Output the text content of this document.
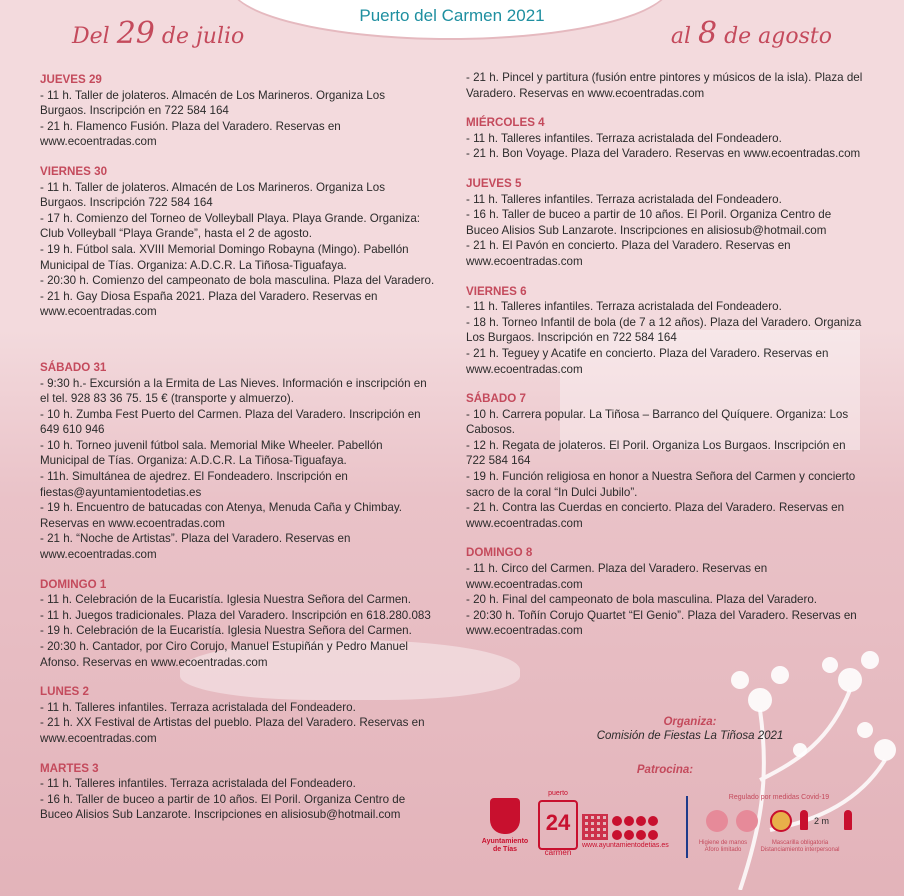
Puerto del Carmen 2021
Del 29 de julio	al 8 de agosto
JUEVES 29
- 11 h. Taller de jolateros. Almacén de Los Marineros. Organiza Los
Burgaos. Inscripción en 722 584 164
- 21 h. Flamenco Fusión. Plaza del Varadero. Reservas en
www.ecoentradas.com
VIERNES 30
- 11 h. Taller de jolateros. Almacén de Los Marineros. Organiza Los
Burgaos. Inscripción 722 584 164
- 17 h. Comienzo del Torneo de Volleyball Playa. Playa Grande. Organiza:
Club Volleyball “Playa Grande”, hasta el 2 de agosto.
- 19 h. Fútbol sala. XVIII Memorial Domingo Robayna (Mingo). Pabellón
Municipal de Tías. Organiza: A.D.C.R. La Tiñosa-Tiguafaya.
- 20:30 h. Comienzo del campeonato de bola masculina. Plaza del Varadero.
- 21 h. Gay Diosa España 2021. Plaza del Varadero. Reservas en
www.ecoentradas.com
SÁBADO 31
- 9:30 h.- Excursión a la Ermita de Las Nieves. Información e inscripción en
el tel. 928 83 36 75. 15 € (transporte y almuerzo).
- 10 h. Zumba Fest Puerto del Carmen. Plaza del Varadero. Inscripción en
649 610 946
- 10 h. Torneo juvenil fútbol sala. Memorial Mike Wheeler. Pabellón
Municipal de Tías. Organiza: A.D.C.R. La Tiñosa-Tiguafaya.
- 11h. Simultánea de ajedrez. El Fondeadero. Inscripción en
fiestas@ayuntamientodetias.es
- 19 h. Encuentro de batucadas con Atenya, Menuda Caña y Chimbay.
Reservas en www.ecoentradas.com
- 21 h. “Noche de Artistas”. Plaza del Varadero. Reservas en
www.ecoentradas.com
DOMINGO 1
- 11 h. Celebración de la Eucaristía. Iglesia Nuestra Señora del Carmen.
- 11 h. Juegos tradicionales. Plaza del Varadero. Inscripción en 618.280.083
- 19 h. Celebración de la Eucaristía. Iglesia Nuestra Señora del Carmen.
- 20:30 h. Cantador, por Ciro Corujo, Manuel Estupiñán y Pedro Manuel
Afonso. Reservas en www.ecoentradas.com
LUNES 2
- 11 h. Talleres infantiles. Terraza acristalada del Fondeadero.
- 21 h. XX Festival de Artistas del pueblo. Plaza del Varadero. Reservas en
www.ecoentradas.com
MARTES 3
- 11 h. Talleres infantiles. Terraza acristalada del Fondeadero.
- 16 h. Taller de buceo a partir de 10 años. El Poril. Organiza Centro de
Buceo Alisios Sub Lanzarote. Inscripciones en alisiosub@hotmail.com
- 21 h. Pincel y partitura (fusión entre pintores y músicos de la isla). Plaza del
Varadero. Reservas en www.ecoentradas.com
MIÉRCOLES 4
- 11 h. Talleres infantiles. Terraza acristalada del Fondeadero.
- 21 h. Bon Voyage. Plaza del Varadero. Reservas en www.ecoentradas.com
JUEVES 5
- 11 h. Talleres infantiles. Terraza acristalada del Fondeadero.
- 16 h. Taller de buceo a partir de 10 años. El Poril. Organiza Centro de
Buceo Alisios Sub Lanzarote. Inscripciones en alisiosub@hotmail.com
- 21 h. El Pavón en concierto. Plaza del Varadero. Reservas en
www.ecoentradas.com
VIERNES 6
- 11 h. Talleres infantiles. Terraza acristalada del Fondeadero.
- 18 h. Torneo Infantil de bola (de 7 a 12 años). Plaza del Varadero. Organiza
Los Burgaos. Inscripción en 722 584 164
- 21 h. Teguey y Acatife en concierto. Plaza del Varadero. Reservas en
www.ecoentradas.com
SÁBADO 7
- 10 h. Carrera popular. La Tiñosa – Barranco del Quíquere. Organiza: Los
Cabosos.
- 12 h. Regata de jolateros. El Poril. Organiza Los Burgaos. Inscripción en
722 584 164
- 19 h. Función religiosa en honor a Nuestra Señora del Carmen y concierto
sacro de la coral “In Dulci Jubilo”.
- 21 h. Contra las Cuerdas en concierto. Plaza del Varadero. Reservas en
www.ecoentradas.com
DOMINGO 8
- 11 h. Circo del Carmen. Plaza del Varadero. Reservas en
www.ecoentradas.com
- 20 h. Final del campeonato de bola masculina. Plaza del Varadero.
- 20:30 h. Toñín Corujo Quartet “El Genio”. Plaza del Varadero. Reservas en
www.ecoentradas.com
Organiza:
Comisión de Fiestas La Tiñosa 2021
Patrocina:
Ayuntamiento de Tías
puerto
24
carmen
www.ayuntamientodetias.es
Regulado por medidas Covid-19
2 m
Higiene de manos Aforo limitado
Mascarilla obligatoria Distanciamiento interpersonal
